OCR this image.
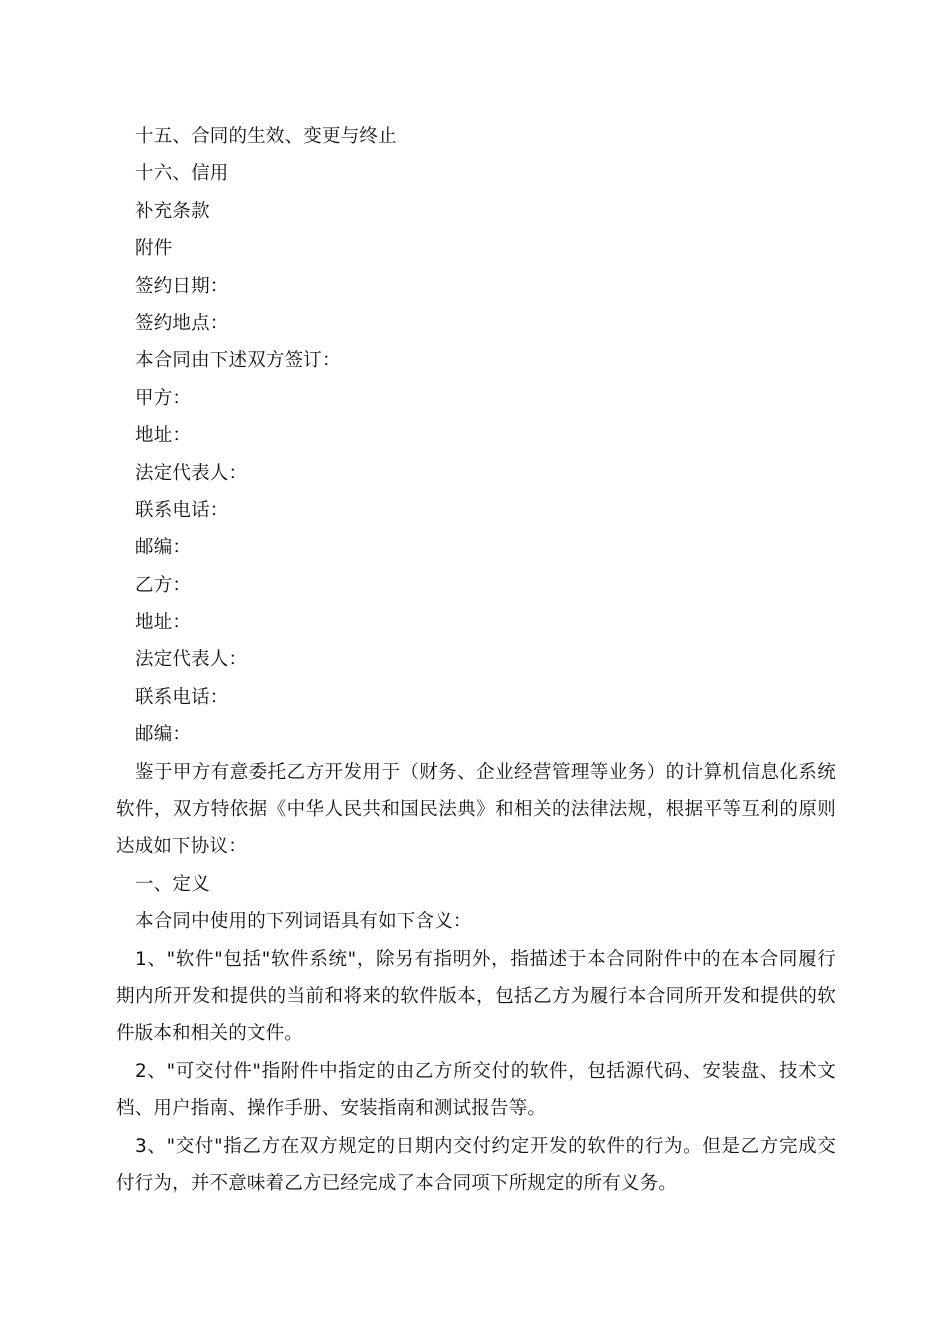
十五、合同的生效、变更与终止

十六、信用

补充条款

附件

签约日期：

签约地点：

本合同由下述双方签订：

甲方：

地址：

法定代表人：

联系电话：

邮编：

乙方：

地址：

法定代表人：

联系电话：

邮编：

鉴于甲方有意委托乙方开发用于（财务、企业经营管理等业务）的计算机信息化系统软件，双方特依据《中华人民共和国民法典》和相关的法律法规，根据平等互利的原则达成如下协议：

一、定义

本合同中使用的下列词语具有如下含义：

1、"软件"包括"软件系统"，除另有指明外，指描述于本合同附件中的在本合同履行期内所开发和提供的当前和将来的软件版本，包括乙方为履行本合同所开发和提供的软件版本和相关的文件。

2、"可交付件"指附件中指定的由乙方所交付的软件，包括源代码、安装盘、技术文档、用户指南、操作手册、安装指南和测试报告等。

3、"交付"指乙方在双方规定的日期内交付约定开发的软件的行为。但是乙方完成交付行为，并不意味着乙方已经完成了本合同项下所规定的所有义务。
